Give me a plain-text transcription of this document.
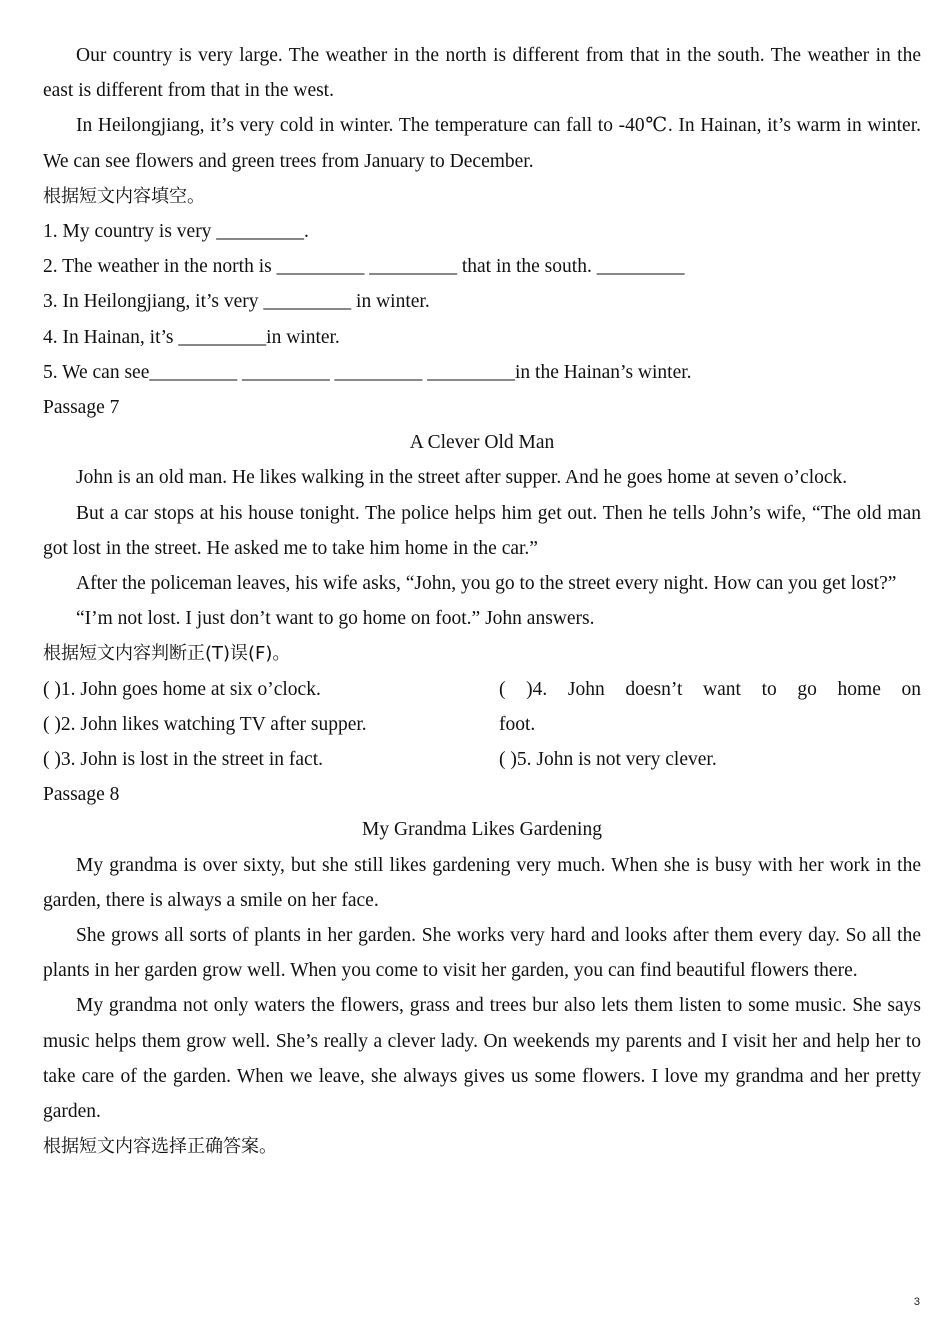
Our country is very large. The weather in the north is different from that in the south. The weather in the east is different from that in the west.

In Heilongjiang, it’s very cold in winter. The temperature can fall to -40℃. In Hainan, it’s warm in winter. We can see flowers and green trees from January to December.

根据短文内容填空。

1. My country is very _________.

2. The weather in the north is _________ _________ that in the south. _________

3. In Heilongjiang, it’s very _________ in winter.

4. In Hainan, it’s _________in winter.

5. We can see_________ _________ _________ _________in the Hainan’s winter.

Passage 7

A Clever Old Man

John is an old man. He likes walking in the street after supper. And he goes home at seven o’clock.

But a car stops at his house tonight. The police helps him get out. Then he tells John’s wife, “The old man got lost in the street. He asked me to take him home in the car.”

After the policeman leaves, his wife asks, “John, you go to the street every night. How can you get lost?”

“I’m not lost. I just don’t want to go home on foot.” John answers.

根据短文内容判断正(T)误(F)。

( )1. John goes home at six o’clock.	( )4. John doesn’t want to go home on

( )2. John likes watching TV after supper.	foot.

( )3. John is lost in the street in fact.	( )5. John is not very clever.

Passage 8

My Grandma Likes Gardening

My grandma is over sixty, but she still likes gardening very much. When she is busy with her work in the garden, there is always a smile on her face.

She grows all sorts of plants in her garden. She works very hard and looks after them every day. So all the plants in her garden grow well. When you come to visit her garden, you can find beautiful flowers there.

My grandma not only waters the flowers, grass and trees bur also lets them listen to some music. She says music helps them grow well. She’s really a clever lady. On weekends my parents and I visit her and help her to take care of the garden. When we leave, she always gives us some flowers. I love my grandma and her pretty garden.

根据短文内容选择正确答案。

3
